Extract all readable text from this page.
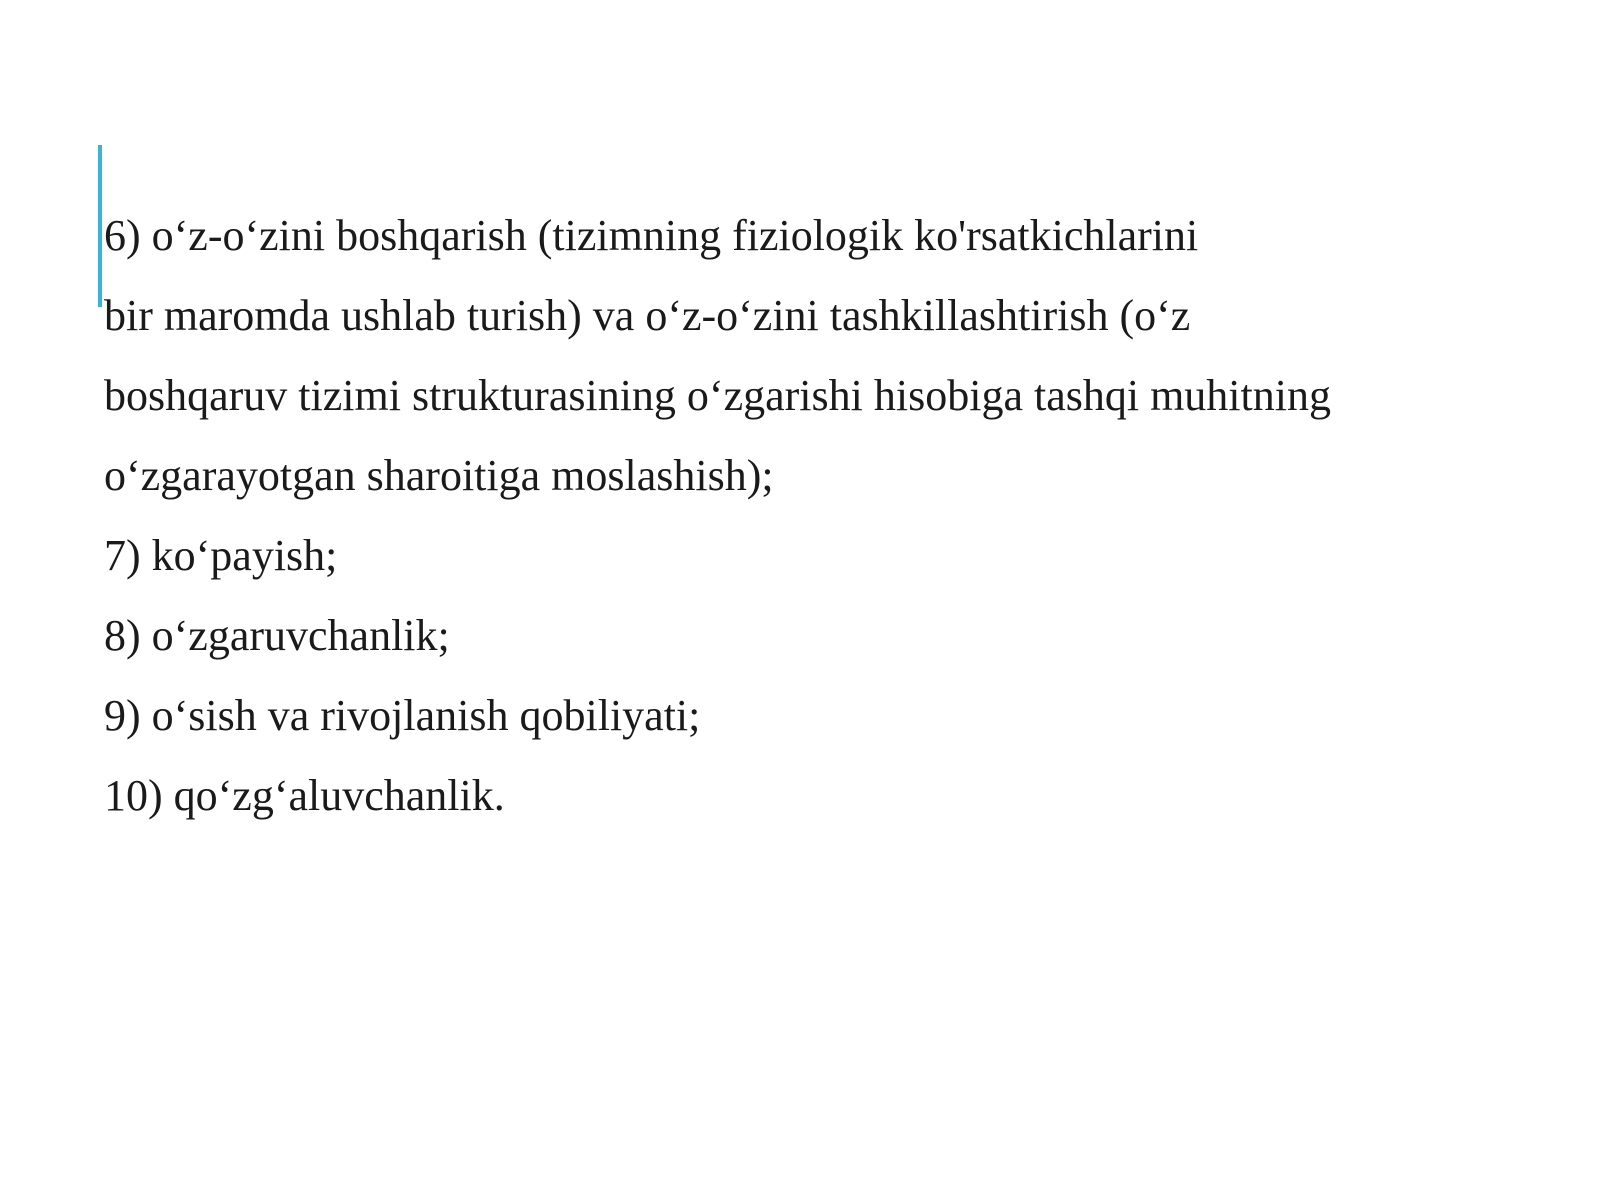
6) o‘z-o‘zini boshqarish (tizimning fiziologik ko'rsatkichlarini
bir maromda ushlab turish) va o‘z-o‘zini tashkillashtirish (o‘z
boshqaruv tizimi strukturasining o‘zgarishi hisobiga tashqi muhitning
o‘zgarayotgan sharoitiga moslashish);
7) ko‘payish;
8) o‘zgaruvchanlik;
9) o‘sish va rivojlanish qobiliyati;
10) qo‘zg‘aluvchanlik.
